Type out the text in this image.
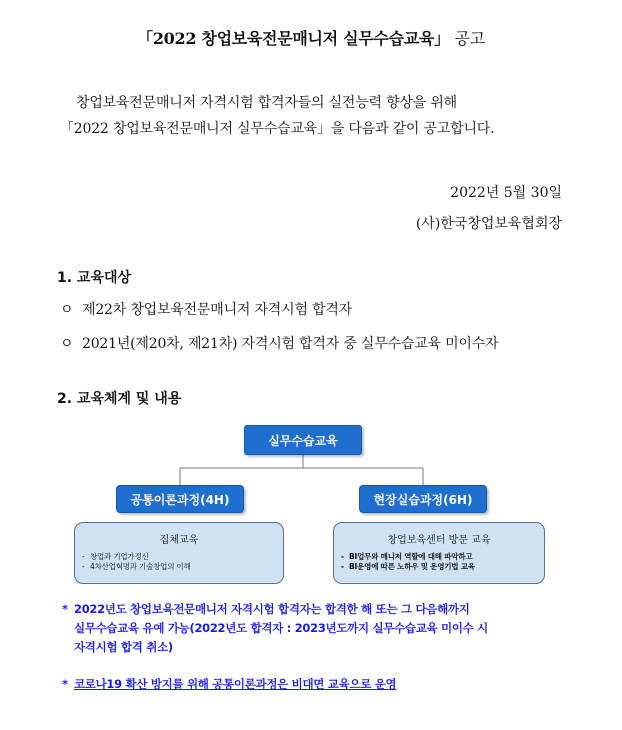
「2022 창업보육전문매니저 실무수습교육」 공고
창업보육전문매니저 자격시험 합격자들의 실전능력 향상을 위해
「2022 창업보육전문매니저 실무수습교육」을 다음과 같이 공고합니다.
2022년 5월 30일
(사)한국창업보육협회장
1. 교육대상
ㅇ 제22차 창업보육전문매니저 자격시험 합격자
ㅇ 2021년(제20차, 제21차) 자격시험 합격자 중 실무수습교육 미이수자
2. 교육체계 및 내용
실무수습교육
공통이론과정(4H)	현장실습과정(6H)
집체교육
- 창업과 기업가정신
- 4차산업혁명과 기술창업의 이해
창업보육센터 방문 교육
- BI업무와 매니저 역할에 대해 파악하고
- BI운영에 따른 노하우 및 운영기법 교육
* 2022년도 창업보육전문매니저 자격시험 합격자는 합격한 해 또는 그 다음해까지
실무수습교육 유예 가능(2022년도 합격자 : 2023년도까지 실무수습교육 미이수 시
자격시험 합격 취소)
* 코로나19 확산 방지를 위해 공통이론과정은 비대면 교육으로 운영
